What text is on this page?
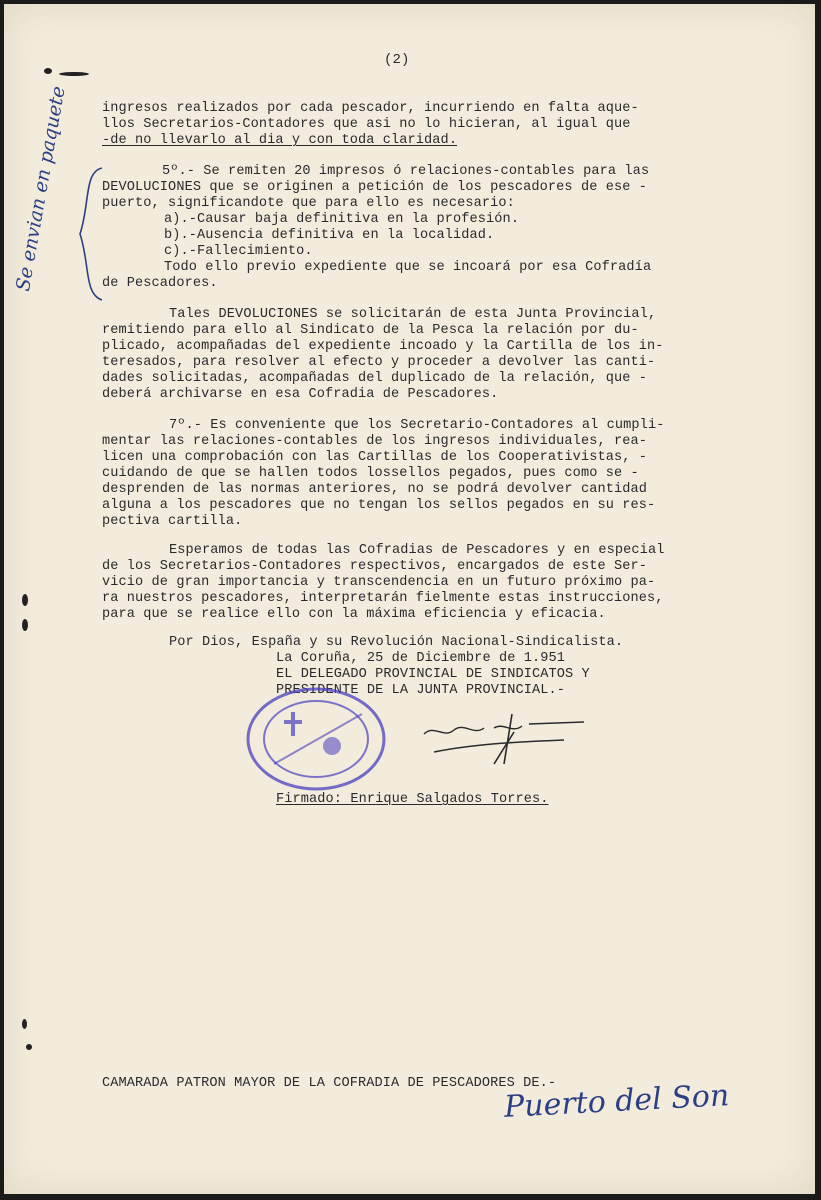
(2)
ingresos realizados por cada pescador, incurriendo en falta aque-
llos Secretarios-Contadores que asi no lo hicieran, al igual que
-de no llevarlo al dia y con toda claridad.
5º.- Se remiten 20 impresos ó relaciones-contables para las
DEVOLUCIONES que se originen a petición de los pescadores de ese -
puerto, significandote que para ello es necesario:
a).-Causar baja definitiva en la profesión.
b).-Ausencia definitiva en la localidad.
c).-Fallecimiento.
Todo ello previo expediente que se incoará por esa Cofradía
de Pescadores.
Tales DEVOLUCIONES se solicitarán de esta Junta Provincial,
remitiendo para ello al Sindicato de la Pesca la relación por du-
plicado, acompañadas del expediente incoado y la Cartilla de los in-
teresados, para resolver al efecto y proceder a devolver las canti-
dades solicitadas, acompañadas del duplicado de la relación, que -
deberá archivarse en esa Cofradia de Pescadores.
7º.- Es conveniente que los Secretario-Contadores al cumpli-
mentar las relaciones-contables de los ingresos individuales, rea-
licen una comprobación con las Cartillas de los Cooperativistas, -
cuidando de que se hallen todos lossellos pegados, pues como se -
desprenden de las normas anteriores, no se podrá devolver cantidad
alguna a los pescadores que no tengan los sellos pegados en su res-
pectiva cartilla.
Esperamos de todas las Cofradias de Pescadores y en especial
de los Secretarios-Contadores respectivos, encargados de este Ser-
vicio de gran importancia y transcendencia en un futuro próximo pa-
ra nuestros pescadores, interpretarán fielmente estas instrucciones,
para que se realice ello con la máxima eficiencia y eficacia.
Por Dios, España y su Revolución Nacional-Sindicalista.
La Coruña, 25 de Diciembre de 1.951
EL DELEGADO PROVINCIAL DE SINDICATOS Y
PRESIDENTE DE LA JUNTA PROVINCIAL.-
Firmado: Enrique Salgados Torres.
CAMARADA PATRON MAYOR DE LA COFRADIA DE PESCADORES DE.-
Puerto del Son
Se envian en paquete
